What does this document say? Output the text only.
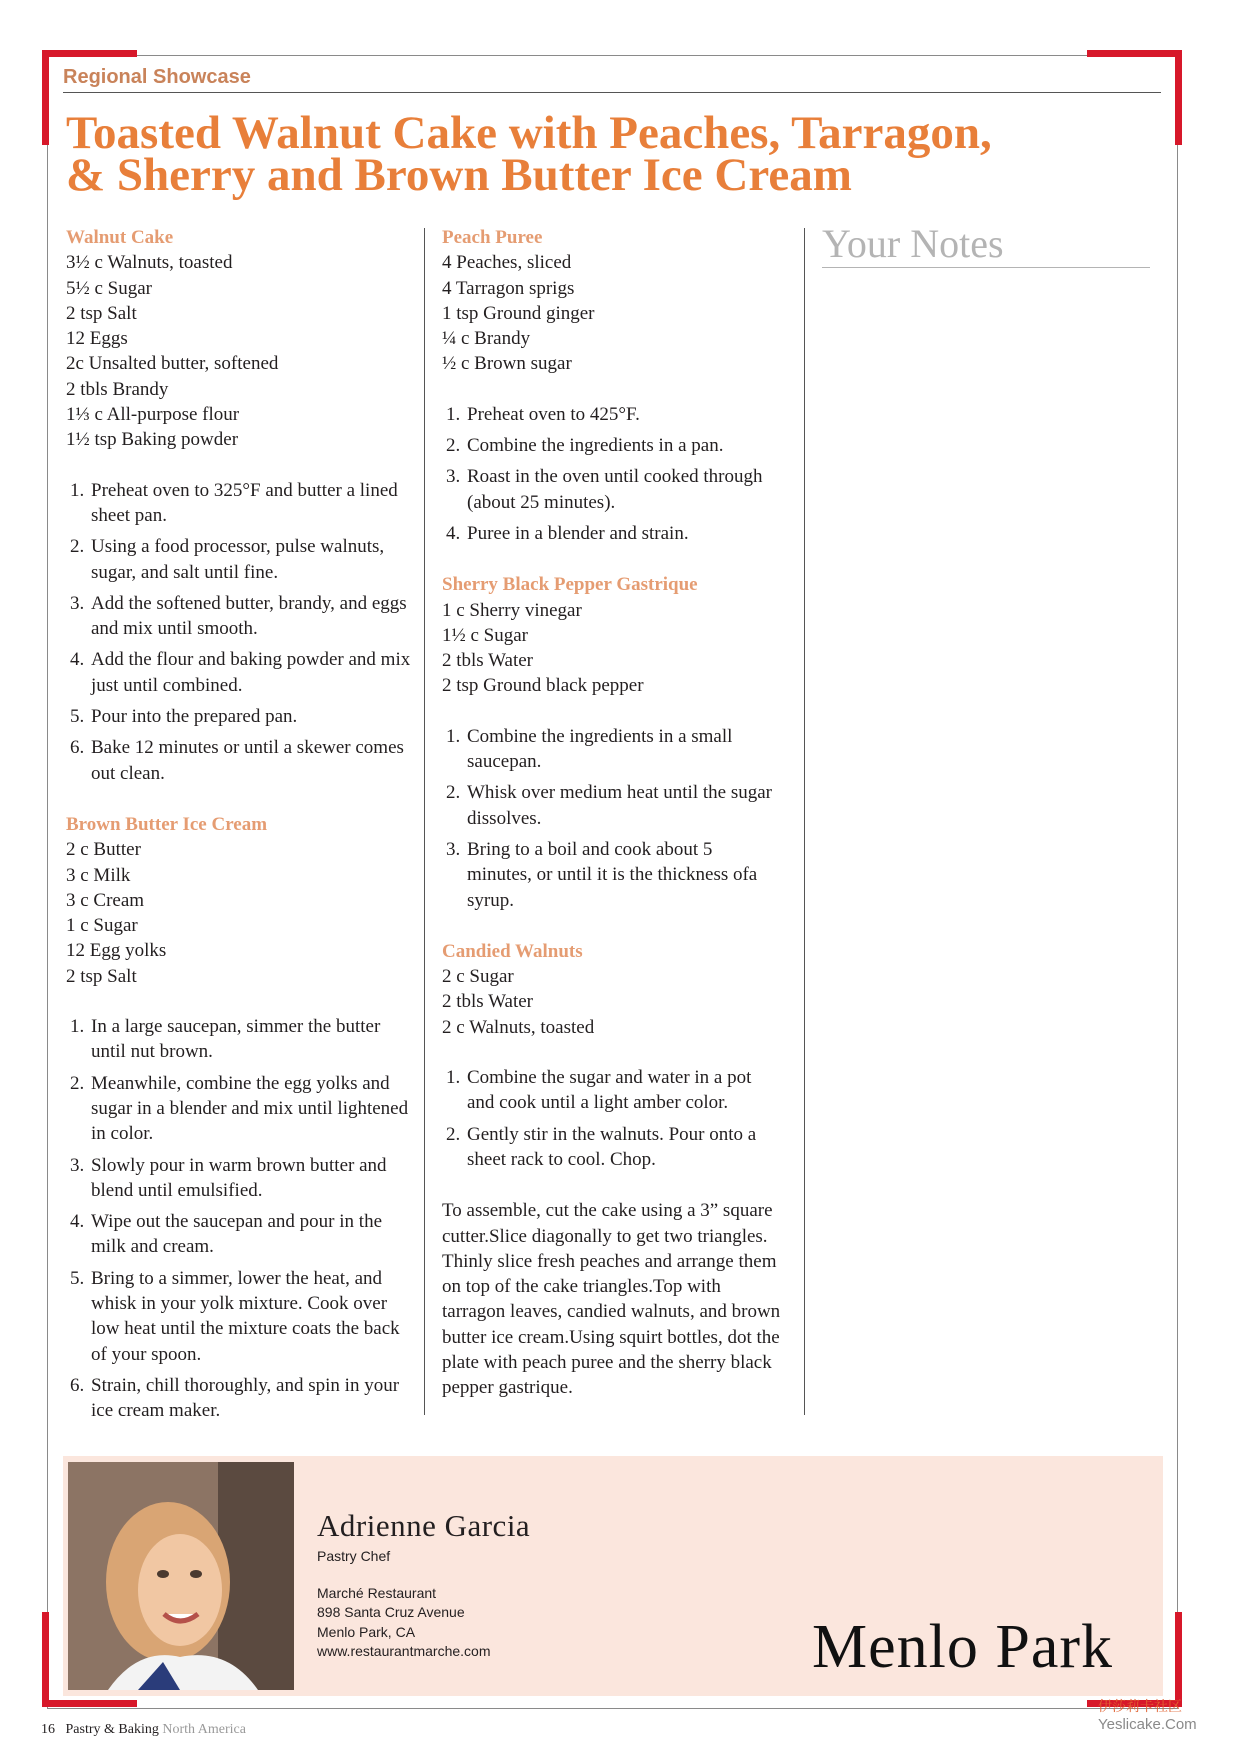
Regional Showcase
Toasted Walnut Cake with Peaches, Tarragon,
& Sherry and Brown Butter Ice Cream
Walnut Cake
3½ c Walnuts, toasted
5½ c Sugar
2 tsp Salt
12 Eggs
2c Unsalted butter, softened
2 tbls Brandy
1⅓ c All-purpose flour
1½ tsp Baking powder
1. Preheat oven to 325°F and butter a lined sheet pan.
2. Using a food processor, pulse walnuts, sugar, and salt until fine.
3. Add the softened butter, brandy, and eggs and mix until smooth.
4. Add the flour and baking powder and mix just until combined.
5. Pour into the prepared pan.
6. Bake 12 minutes or until a skewer comes out clean.
Brown Butter Ice Cream
2 c Butter
3 c Milk
3 c Cream
1 c Sugar
12 Egg yolks
2 tsp Salt
1. In a large saucepan, simmer the butter until nut brown.
2. Meanwhile, combine the egg yolks and sugar in a blender and mix until lightened in color.
3. Slowly pour in warm brown butter and blend until emulsified.
4. Wipe out the saucepan and pour in the milk and cream.
5. Bring to a simmer, lower the heat, and whisk in your yolk mixture. Cook over low heat until the mixture coats the back of your spoon.
6. Strain, chill thoroughly, and spin in your ice cream maker.
Peach Puree
4 Peaches, sliced
4 Tarragon sprigs
1 tsp Ground ginger
¼ c Brandy
½ c Brown sugar
1. Preheat oven to 425°F.
2. Combine the ingredients in a pan.
3. Roast in the oven until cooked through (about 25 minutes).
4. Puree in a blender and strain.
Sherry Black Pepper Gastrique
1 c Sherry vinegar
1½ c Sugar
2 tbls Water
2 tsp Ground black pepper
1. Combine the ingredients in a small saucepan.
2. Whisk over medium heat until the sugar dissolves.
3. Bring to a boil and cook about 5 minutes, or until it is the thickness ofa syrup.
Candied Walnuts
2 c Sugar
2 tbls Water
2 c Walnuts, toasted
1. Combine the sugar and water in a pot and cook until a light amber color.
2. Gently stir in the walnuts. Pour onto a sheet rack to cool. Chop.

To assemble, cut the cake using a 3” square cutter.Slice diagonally to get two triangles. Thinly slice fresh peaches and arrange them on top of the cake triangles.Top with tarragon leaves, candied walnuts, and brown butter ice cream.Using squirt bottles, dot the plate with peach puree and the sherry black pepper gastrique.

Your Notes
Adrienne Garcia
Pastry Chef
Marché Restaurant
898 Santa Cruz Avenue
Menlo Park, CA
www.restaurantmarche.com	Menlo Park
16 Pastry & Baking North America
伊莎莉卡社区
Yeslicake.Com
